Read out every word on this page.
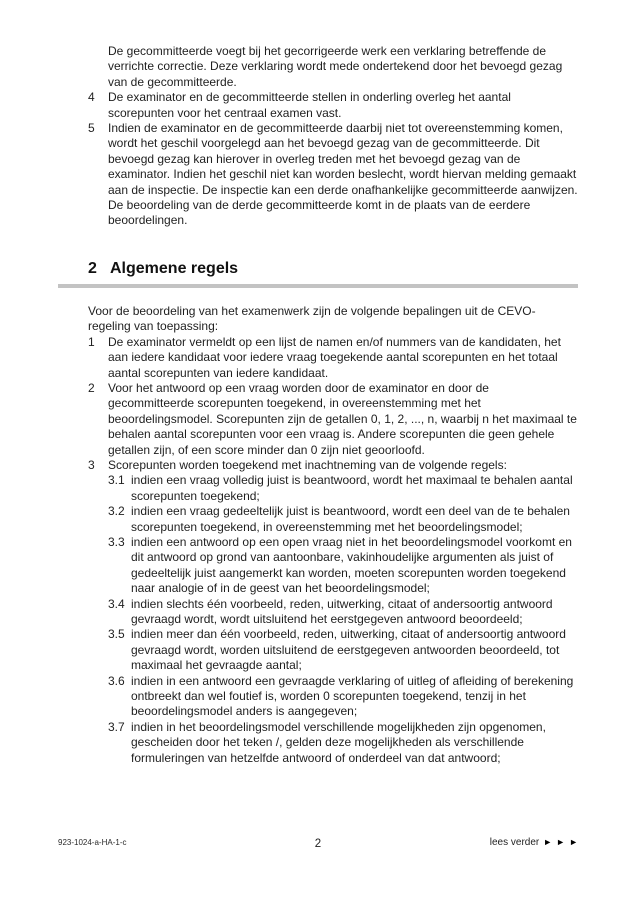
De gecommitteerde voegt bij het gecorrigeerde werk een verklaring betreffende de verrichte correctie. Deze verklaring wordt mede ondertekend door het bevoegd gezag van de gecommitteerde.
4	De examinator en de gecommitteerde stellen in onderling overleg het aantal scorepunten voor het centraal examen vast.
5	Indien de examinator en de gecommitteerde daarbij niet tot overeenstemming komen, wordt het geschil voorgelegd aan het bevoegd gezag van de gecommitteerde. Dit bevoegd gezag kan hierover in overleg treden met het bevoegd gezag van de examinator. Indien het geschil niet kan worden beslecht, wordt hiervan melding gemaakt aan de inspectie. De inspectie kan een derde onafhankelijke gecommitteerde aanwijzen. De beoordeling van de derde gecommitteerde komt in de plaats van de eerdere beoordelingen.
2 Algemene regels

Voor de beoordeling van het examenwerk zijn de volgende bepalingen uit de CEVO-regeling van toepassing:

1	De examinator vermeldt op een lijst de namen en/of nummers van de kandidaten, het aan iedere kandidaat voor iedere vraag toegekende aantal scorepunten en het totaal aantal scorepunten van iedere kandidaat.
2	Voor het antwoord op een vraag worden door de examinator en door de gecommitteerde scorepunten toegekend, in overeenstemming met het beoordelingsmodel. Scorepunten zijn de getallen 0, 1, 2, ..., n, waarbij n het maximaal te behalen aantal scorepunten voor een vraag is. Andere scorepunten die geen gehele getallen zijn, of een score minder dan 0 zijn niet geoorloofd.
3	Scorepunten worden toegekend met inachtneming van de volgende regels:
3.1 indien een vraag volledig juist is beantwoord, wordt het maximaal te behalen aantal scorepunten toegekend;
3.2 indien een vraag gedeeltelijk juist is beantwoord, wordt een deel van de te behalen scorepunten toegekend, in overeenstemming met het beoordelingsmodel;
3.3 indien een antwoord op een open vraag niet in het beoordelingsmodel voorkomt en dit antwoord op grond van aantoonbare, vakinhoudelijke argumenten als juist of gedeeltelijk juist aangemerkt kan worden, moeten scorepunten worden toegekend naar analogie of in de geest van het beoordelingsmodel;
3.4 indien slechts één voorbeeld, reden, uitwerking, citaat of andersoortig antwoord gevraagd wordt, wordt uitsluitend het eerstgegeven antwoord beoordeeld;
3.5 indien meer dan één voorbeeld, reden, uitwerking, citaat of andersoortig antwoord gevraagd wordt, worden uitsluitend de eerstgegeven antwoorden beoordeeld, tot maximaal het gevraagde aantal;
3.6 indien in een antwoord een gevraagde verklaring of uitleg of afleiding of berekening ontbreekt dan wel foutief is, worden 0 scorepunten toegekend, tenzij in het beoordelingsmodel anders is aangegeven;
3.7 indien in het beoordelingsmodel verschillende mogelijkheden zijn opgenomen, gescheiden door het teken /, gelden deze mogelijkheden als verschillende formuleringen van hetzelfde antwoord of onderdeel van dat antwoord;
923-1024-a-HA-1-c	2	lees verder ► ► ►
